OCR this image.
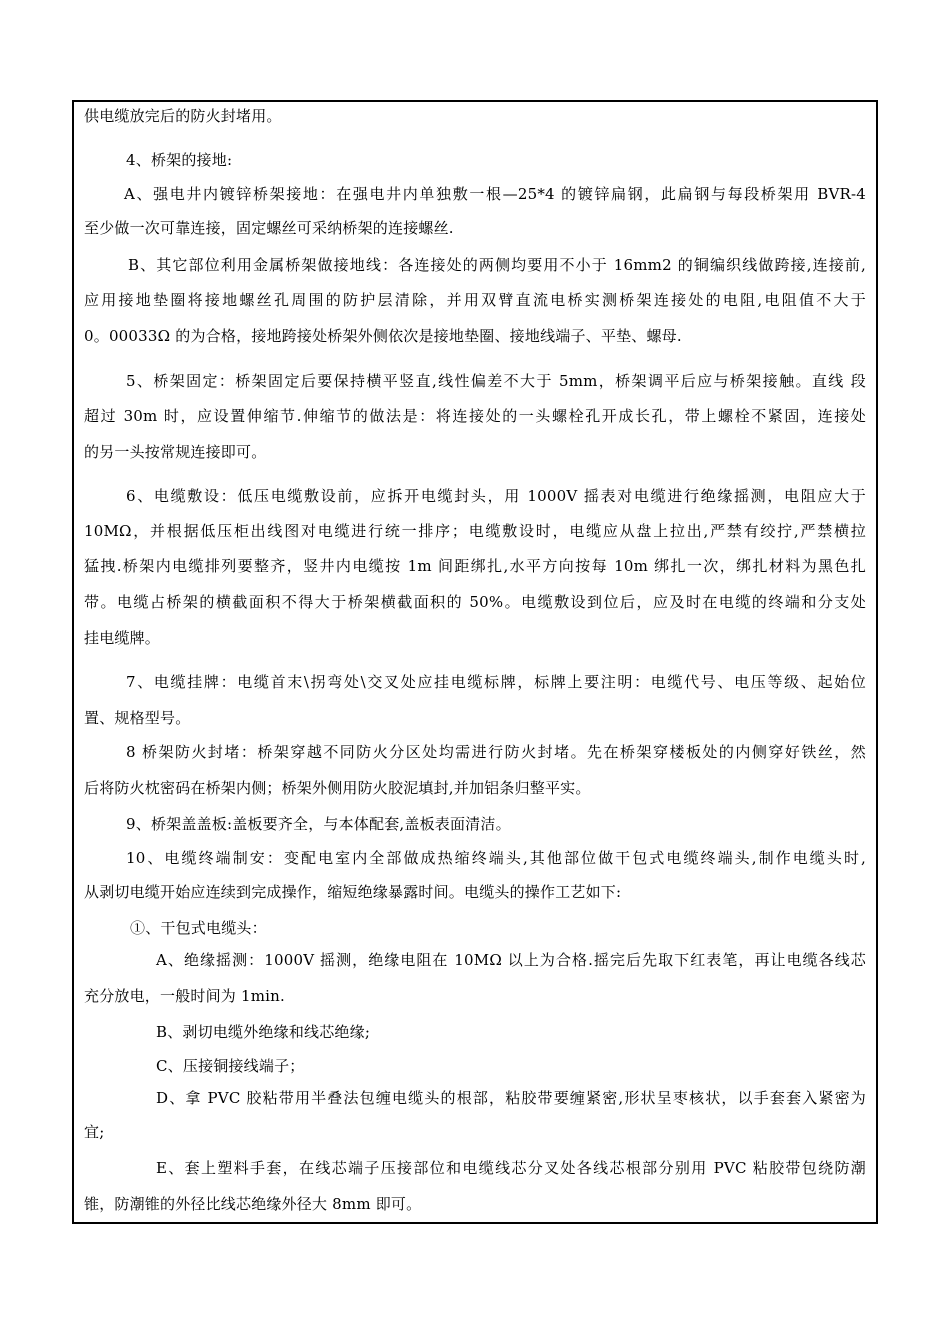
供电缆放完后的防火封堵用。
4、桥架的接地:
A、强电井内镀锌桥架接地：在强电井内单独敷一根—25*4 的镀锌扁钢，此扁钢与每段桥架用 BVR-4
至少做一次可靠连接，固定螺丝可采纳桥架的连接螺丝.
B、其它部位利用金属桥架做接地线：各连接处的两侧均要用不小于 16mm2 的铜编织线做跨接,连接前,
应用接地垫圈将接地螺丝孔周围的防护层清除，并用双臂直流电桥实测桥架连接处的电阻,电阻值不大于
0。00033Ω 的为合格，接地跨接处桥架外侧依次是接地垫圈、接地线端子、平垫、螺母.
5、桥架固定：桥架固定后要保持横平竖直,线性偏差不大于 5mm，桥架调平后应与桥架接触。直线 段
超过 30m 时，应设置伸缩节.伸缩节的做法是：将连接处的一头螺栓孔开成长孔，带上螺栓不紧固，连接处
的另一头按常规连接即可。
6、电缆敷设：低压电缆敷设前，应拆开电缆封头，用 1000V 摇表对电缆进行绝缘摇测，电阻应大于
10MΩ，并根据低压柜出线图对电缆进行统一排序；电缆敷设时，电缆应从盘上拉出,严禁有绞拧,严禁横拉
猛拽.桥架内电缆排列要整齐，竖井内电缆按 1m 间距绑扎,水平方向按每 10m 绑扎一次，绑扎材料为黑色扎
带。电缆占桥架的横截面积不得大于桥架横截面积的 50%。电缆敷设到位后，应及时在电缆的终端和分支处
挂电缆牌。
7、电缆挂牌：电缆首末\拐弯处\交叉处应挂电缆标牌，标牌上要注明：电缆代号、电压等级、起始位
置、规格型号。
8 桥架防火封堵：桥架穿越不同防火分区处均需进行防火封堵。先在桥架穿楼板处的内侧穿好铁丝，然
后将防火枕密码在桥架内侧；桥架外侧用防火胶泥填封,并加铝条归整平实。
9、桥架盖盖板:盖板要齐全，与本体配套,盖板表面清洁。
10、电缆终端制安：变配电室内全部做成热缩终端头,其他部位做干包式电缆终端头,制作电缆头时,
从剥切电缆开始应连续到完成操作，缩短绝缘暴露时间。电缆头的操作工艺如下:
①、干包式电缆头：
A、绝缘摇测：1000V 摇测，绝缘电阻在 10MΩ 以上为合格.摇完后先取下红表笔，再让电缆各线芯
充分放电，一般时间为 1min.
B、剥切电缆外绝缘和线芯绝缘;
C、压接铜接线端子；
D、拿 PVC 胶粘带用半叠法包缠电缆头的根部，粘胶带要缠紧密,形状呈枣核状，以手套套入紧密为
宜;
E、套上塑料手套，在线芯端子压接部位和电缆线芯分叉处各线芯根部分别用 PVC 粘胶带包绕防潮
锥，防潮锥的外径比线芯绝缘外径大 8mm 即可。
